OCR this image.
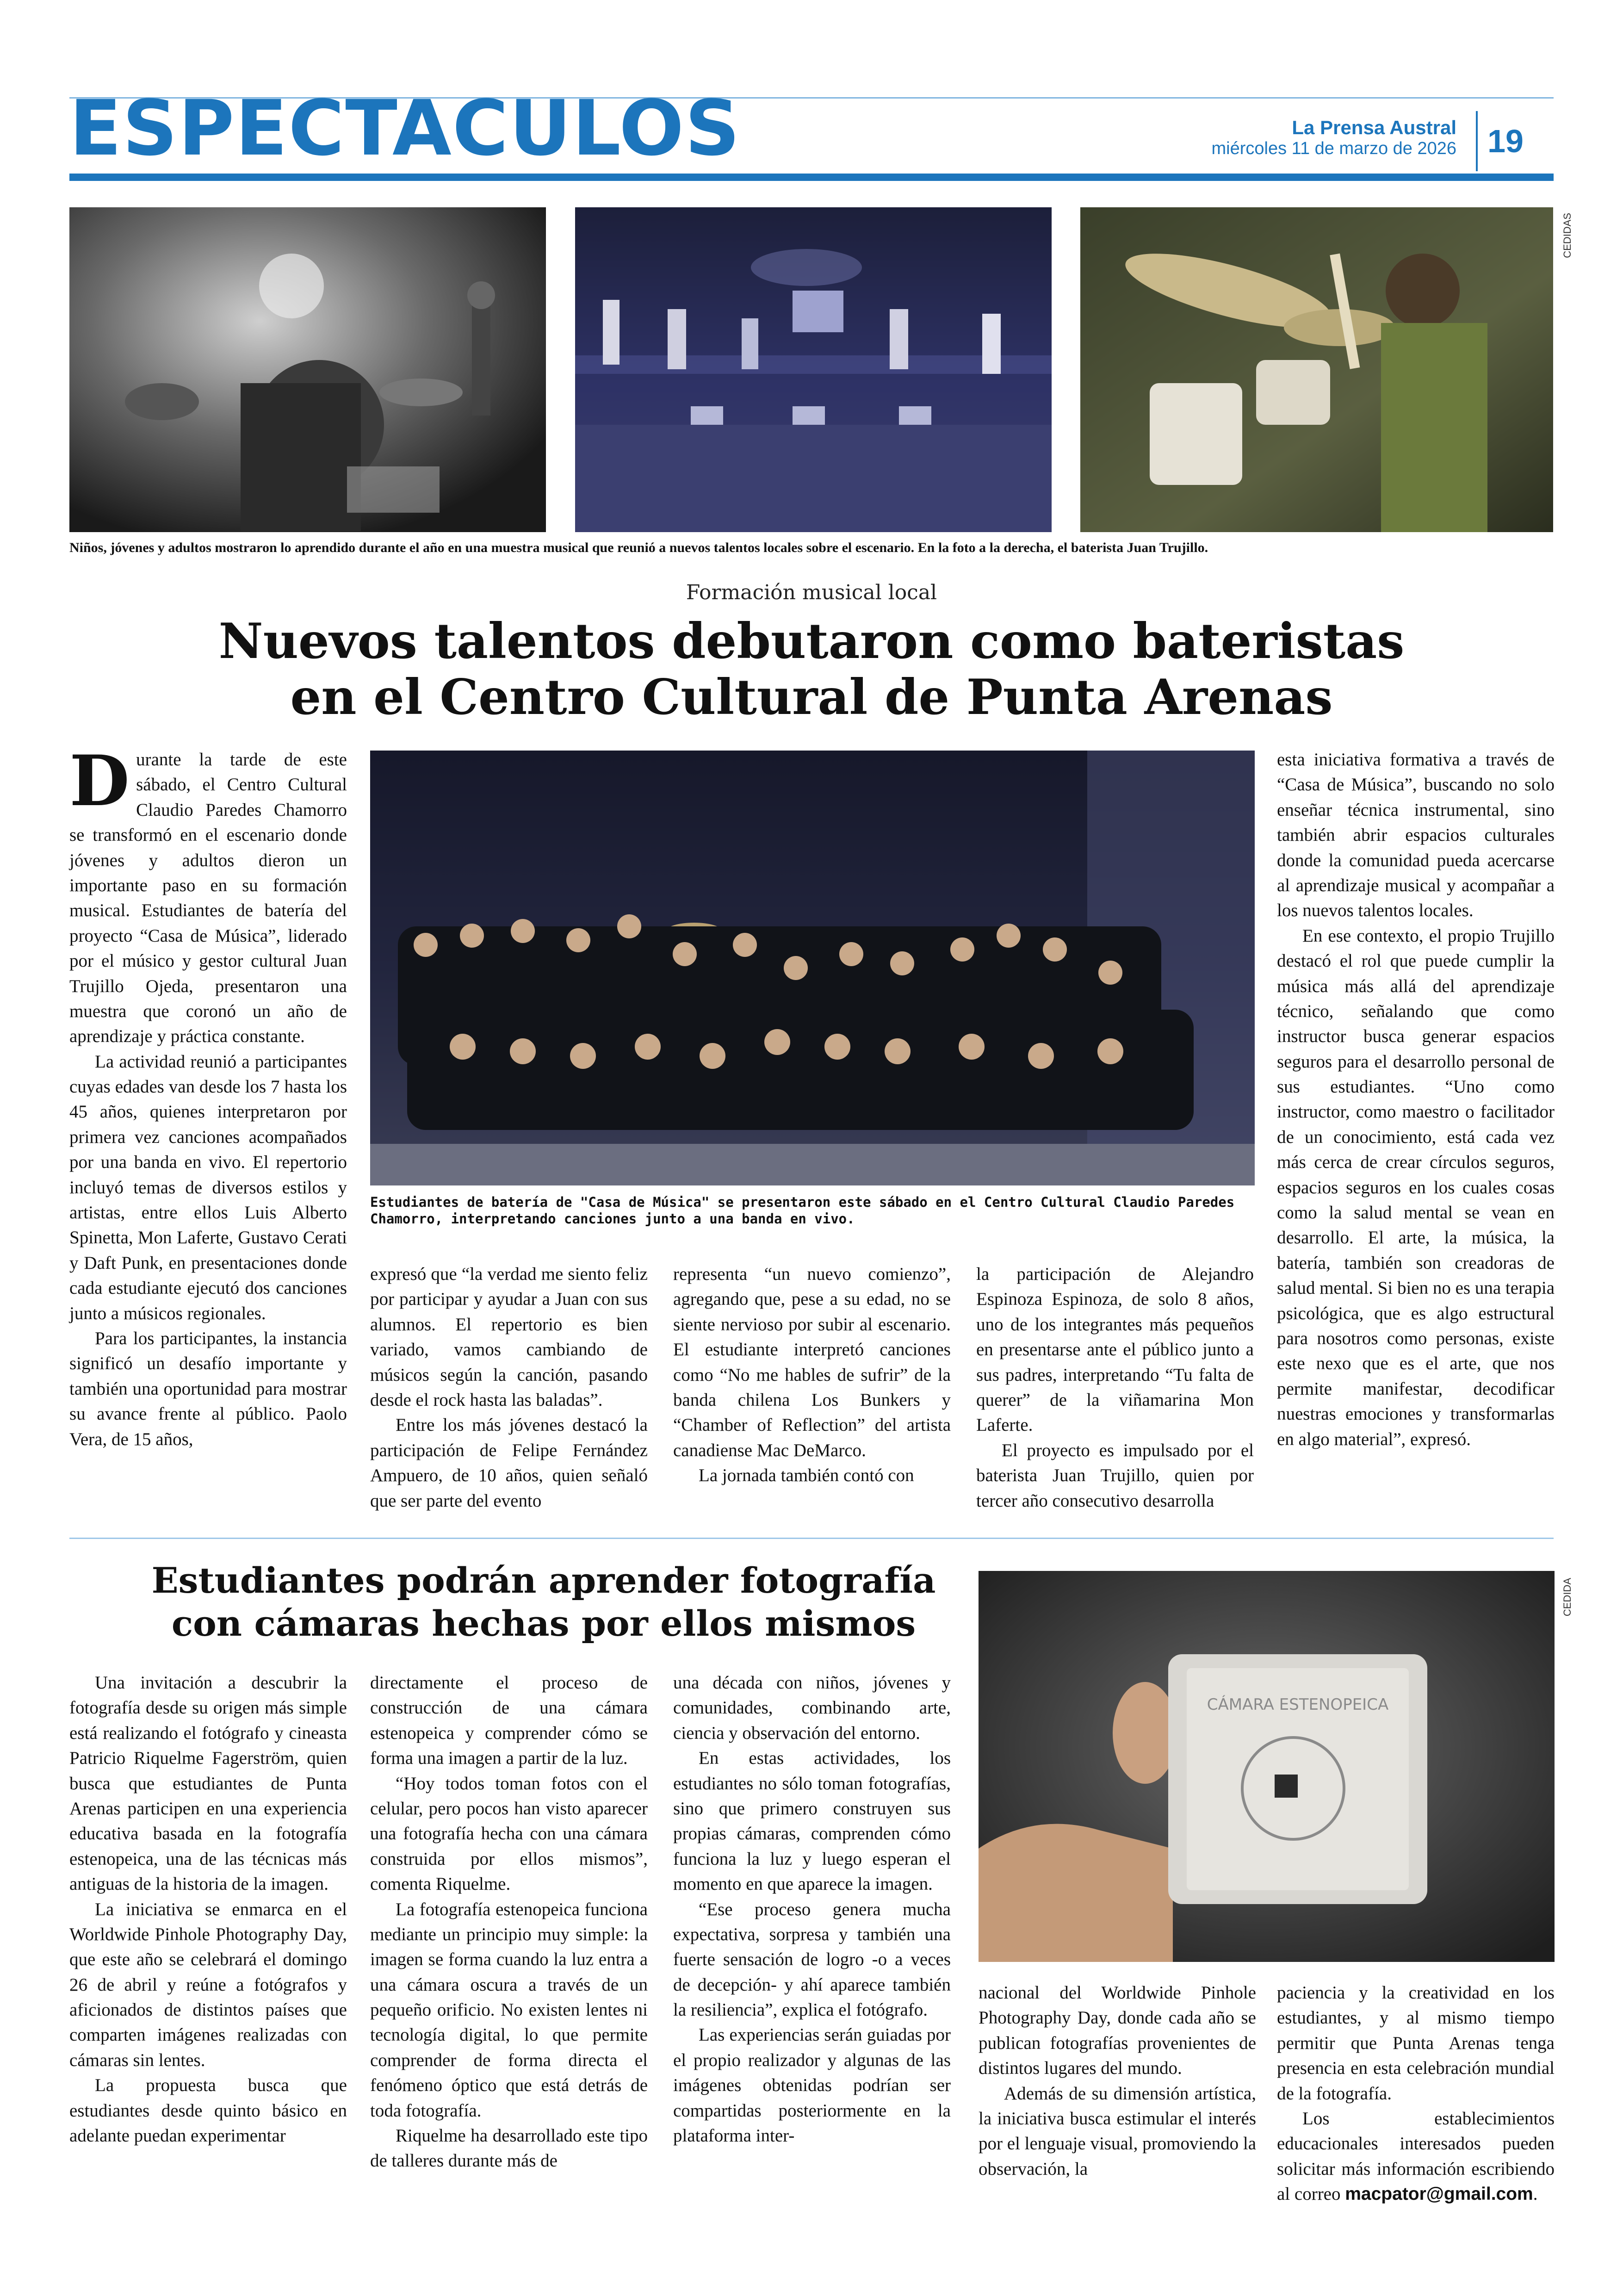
ESPECTACULOS	La Prensa Austral
miércoles 11 de marzo de 2026 19
CEDIDAS
Niños, jóvenes y adultos mostraron lo aprendido durante el año en una muestra musical que reunió a nuevos talentos locales sobre el escenario. En la foto a la derecha, el baterista Juan Trujillo.
Formación musical local
Nuevos talentos debutaron como bateristas
en el Centro Cultural de Punta Arenas

Durante la tarde de este sábado, el Centro Cultural Claudio Paredes Chamorro se transformó en el escenario donde jóvenes y adultos dieron un importante paso en su formación musical. Estudiantes de batería del proyecto “Casa de Música”, liderado por el músico y gestor cultural Juan Trujillo Ojeda, presentaron una muestra que coronó un año de aprendizaje y práctica constante.

La actividad reunió a participantes cuyas edades van desde los 7 hasta los 45 años, quienes interpretaron por primera vez canciones acompañados por una banda en vivo. El repertorio incluyó temas de diversos estilos y artistas, entre ellos Luis Alberto Spinetta, Mon Laferte, Gustavo Cerati y Daft Punk, en presentaciones donde cada estudiante ejecutó dos canciones junto a músicos regionales.

Para los participantes, la instancia significó un desafío importante y también una oportunidad para mostrar su avance frente al público. Paolo Vera, de 15 años,

Estudiantes de batería de "Casa de Música" se presentaron este sábado en el Centro Cultural Claudio Paredes Chamorro, interpretando canciones junto a una banda en vivo.

expresó que “la verdad me siento feliz por participar y ayudar a Juan con sus alumnos. El repertorio es bien variado, vamos cambiando de músicos según la canción, pasando desde el rock hasta las baladas”.

Entre los más jóvenes destacó la participación de Felipe Fernández Ampuero, de 10 años, quien señaló que ser parte del evento

representa “un nuevo comienzo”, agregando que, pese a su edad, no se siente nervioso por subir al escenario. El estudiante interpretó canciones como “No me hables de sufrir” de la banda chilena Los Bunkers y “Chamber of Reflection” del artista canadiense Mac DeMarco.

La jornada también contó con

la participación de Alejandro Espinoza Espinoza, de solo 8 años, uno de los integrantes más pequeños en presentarse ante el público junto a sus padres, interpretando “Tu falta de querer” de la viñamarina Mon Laferte.

El proyecto es impulsado por el baterista Juan Trujillo, quien por tercer año consecutivo desarrolla

esta iniciativa formativa a través de “Casa de Música”, buscando no solo enseñar técnica instrumental, sino también abrir espacios culturales donde la comunidad pueda acercarse al aprendizaje musical y acompañar a los nuevos talentos locales.

En ese contexto, el propio Trujillo destacó el rol que puede cumplir la música más allá del aprendizaje técnico, señalando que como instructor busca generar espacios seguros para el desarrollo personal de sus estudiantes. “Uno como instructor, como maestro o facilitador de un conocimiento, está cada vez más cerca de crear círculos seguros, espacios seguros en los cuales cosas como la salud mental se vean en desarrollo. El arte, la música, la batería, también son creadoras de salud mental. Si bien no es una terapia psicológica, que es algo estructural para nosotros como personas, existe este nexo que es el arte, que nos permite manifestar, decodificar nuestras emociones y transformarlas en algo material”, expresó.

Estudiantes podrán aprender fotografía
con cámaras hechas por ellos mismos
CÁMARA ESTENOPEICA
CEDIDA

Una invitación a descubrir la fotografía desde su origen más simple está realizando el fotógrafo y cineasta Patricio Riquelme Fagerström, quien busca que estudiantes de Punta Arenas participen en una experiencia educativa basada en la fotografía estenopeica, una de las técnicas más antiguas de la historia de la imagen.

La iniciativa se enmarca en el Worldwide Pinhole Photography Day, que este año se celebrará el domingo 26 de abril y reúne a fotógrafos y aficionados de distintos países que comparten imágenes realizadas con cámaras sin lentes.

La propuesta busca que estudiantes desde quinto básico en adelante puedan experimentar

directamente el proceso de construcción de una cámara estenopeica y comprender cómo se forma una imagen a partir de la luz.

“Hoy todos toman fotos con el celular, pero pocos han visto aparecer una fotografía hecha con una cámara construida por ellos mismos”, comenta Riquelme.

La fotografía estenopeica funciona mediante un principio muy simple: la imagen se forma cuando la luz entra a una cámara oscura a través de un pequeño orificio. No existen lentes ni tecnología digital, lo que permite comprender de forma directa el fenómeno óptico que está detrás de toda fotografía.

Riquelme ha desarrollado este tipo de talleres durante más de

una década con niños, jóvenes y comunidades, combinando arte, ciencia y observación del entorno.

En estas actividades, los estudiantes no sólo toman fotografías, sino que primero construyen sus propias cámaras, comprenden cómo funciona la luz y luego esperan el momento en que aparece la imagen.

“Ese proceso genera mucha expectativa, sorpresa y también una fuerte sensación de logro -o a veces de decepción- y ahí aparece también la resiliencia”, explica el fotógrafo.

Las experiencias serán guiadas por el propio realizador y algunas de las imágenes obtenidas podrían ser compartidas posteriormente en la plataforma inter-

nacional del Worldwide Pinhole Photography Day, donde cada año se publican fotografías provenientes de distintos lugares del mundo.

Además de su dimensión artística, la iniciativa busca estimular el interés por el lenguaje visual, promoviendo la observación, la

paciencia y la creatividad en los estudiantes, y al mismo tiempo permitir que Punta Arenas tenga presencia en esta celebración mundial de la fotografía.

Los establecimientos educacionales interesados pueden solicitar más información escribiendo al correo macpator@gmail.com.
